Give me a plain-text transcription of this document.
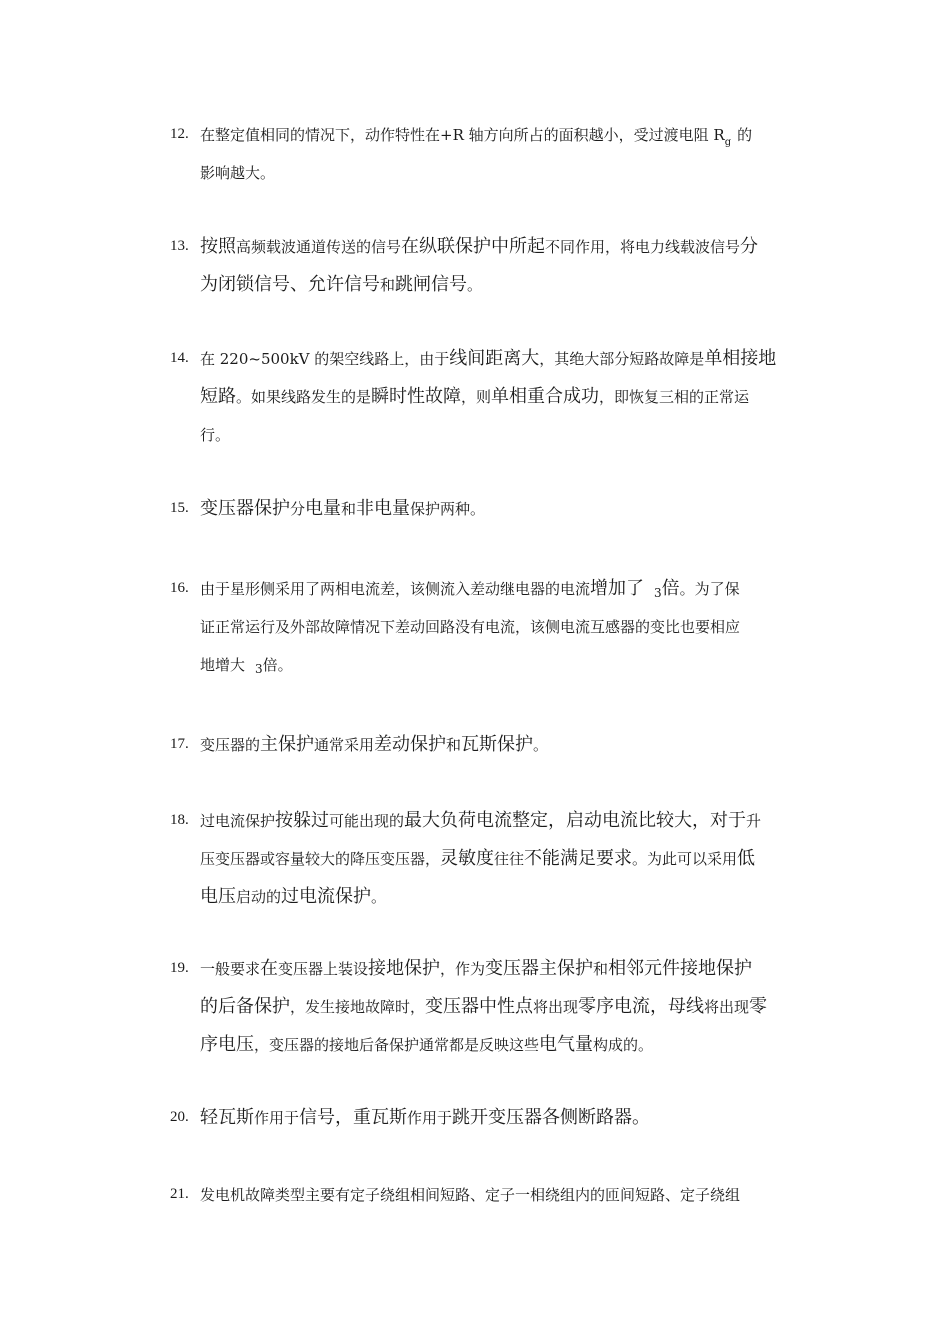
12. 在整定值相同的情况下，动作特性在+R 轴方向所占的面积越小，受过渡电阻 $R_g$ 的
影响越大。
13. 按照高频载波通道传送的信号在纵联保护中所起不同作用，将电力线载波信号分
为闭锁信号、允许信号和跳闸信号。
14. 在 220~500kV 的架空线路上，由于线间距离大，其绝大部分短路故障是单相接地
短路。如果线路发生的是瞬时性故障，则单相重合成功，即恢复三相的正常运
行。
15. 变压器保护分电量和非电量保护两种。
16. 由于星形侧采用了两相电流差，该侧流入差动继电器的电流增加了 $_3$倍。为了保
证正常运行及外部故障情况下差动回路没有电流，该侧电流互感器的变比也要相应
地增大 $_3$倍。
17. 变压器的主保护通常采用差动保护和瓦斯保护。
18. 过电流保护按躲过可能出现的最大负荷电流整定，启动电流比较大，对于升
压变压器或容量较大的降压变压器，灵敏度往往不能满足要求。为此可以采用低
电压启动的过电流保护。
19. 一般要求在变压器上装设接地保护，作为变压器主保护和相邻元件接地保护
的后备保护，发生接地故障时，变压器中性点将出现零序电流，母线将出现零
序电压，变压器的接地后备保护通常都是反映这些电气量构成的。
20. 轻瓦斯作用于信号，重瓦斯作用于跳开变压器各侧断路器。
21. 发电机故障类型主要有定子绕组相间短路、定子一相绕组内的匝间短路、定子绕组
